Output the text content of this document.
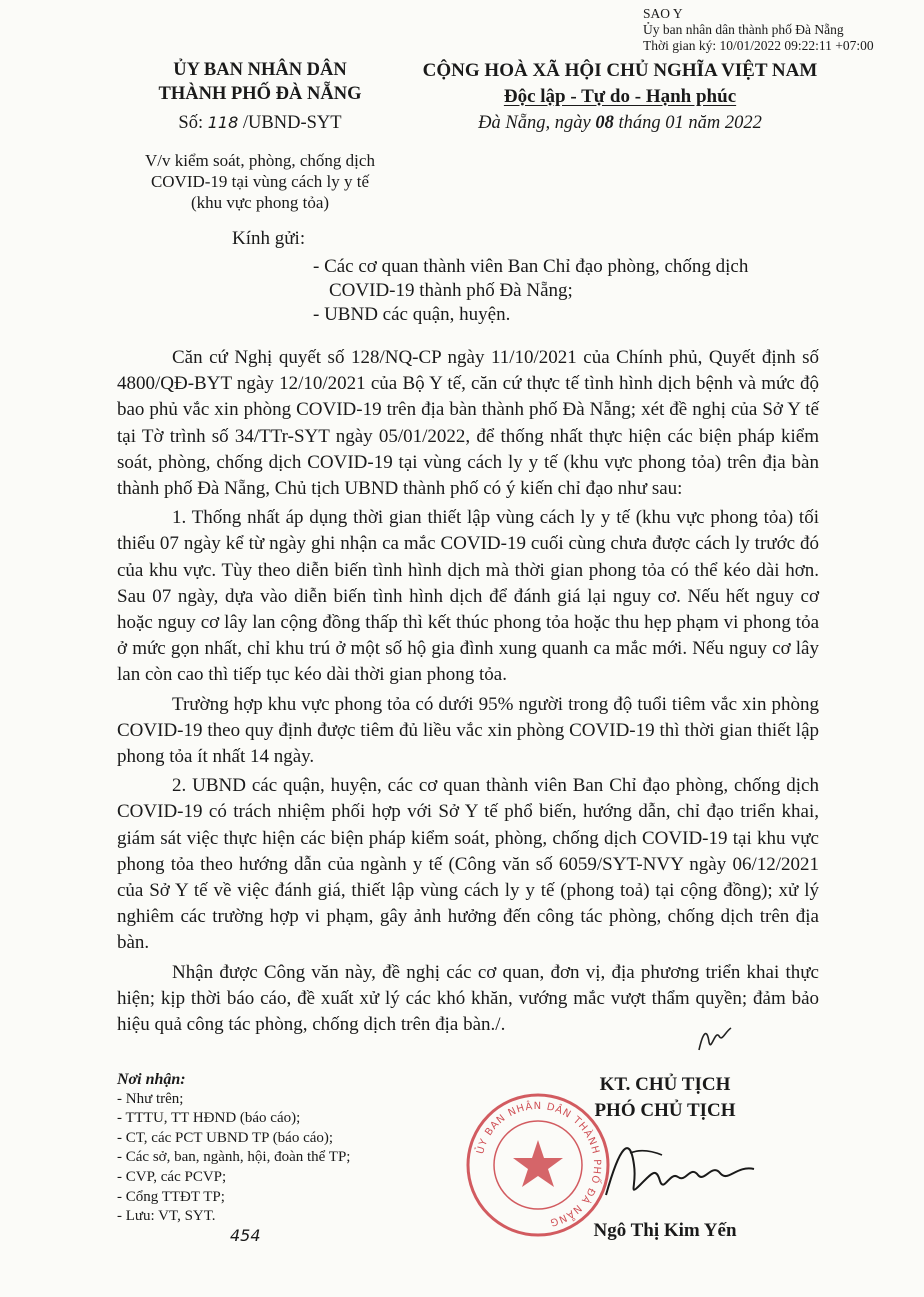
SAO Y
Ủy ban nhân dân thành phố Đà Nẵng
Thời gian ký: 10/01/2022 09:22:11 +07:00
ỦY BAN NHÂN DÂN
THÀNH PHỐ ĐÀ NẴNG
CỘNG HOÀ XÃ HỘI CHỦ NGHĨA VIỆT NAM
Độc lập - Tự do - Hạnh phúc
Số: 118 /UBND-SYT	Đà Nẵng, ngày 08 tháng 01 năm 2022
V/v kiểm soát, phòng, chống dịch
COVID-19 tại vùng cách ly y tế
(khu vực phong tỏa)
Kính gửi:
- Các cơ quan thành viên Ban Chỉ đạo phòng, chống dịch
COVID-19 thành phố Đà Nẵng;
- UBND các quận, huyện.

Căn cứ Nghị quyết số 128/NQ-CP ngày 11/10/2021 của Chính phủ, Quyết định số 4800/QĐ-BYT ngày 12/10/2021 của Bộ Y tế, căn cứ thực tế tình hình dịch bệnh và mức độ bao phủ vắc xin phòng COVID-19 trên địa bàn thành phố Đà Nẵng; xét đề nghị của Sở Y tế tại Tờ trình số 34/TTr-SYT ngày 05/01/2022, để thống nhất thực hiện các biện pháp kiểm soát, phòng, chống dịch COVID-19 tại vùng cách ly y tế (khu vực phong tỏa) trên địa bàn thành phố Đà Nẵng, Chủ tịch UBND thành phố có ý kiến chỉ đạo như sau:

1. Thống nhất áp dụng thời gian thiết lập vùng cách ly y tế (khu vực phong tỏa) tối thiểu 07 ngày kể từ ngày ghi nhận ca mắc COVID-19 cuối cùng chưa được cách ly trước đó của khu vực. Tùy theo diễn biến tình hình dịch mà thời gian phong tỏa có thể kéo dài hơn. Sau 07 ngày, dựa vào diễn biến tình hình dịch để đánh giá lại nguy cơ. Nếu hết nguy cơ hoặc nguy cơ lây lan cộng đồng thấp thì kết thúc phong tỏa hoặc thu hẹp phạm vi phong tỏa ở mức gọn nhất, chỉ khu trú ở một số hộ gia đình xung quanh ca mắc mới. Nếu nguy cơ lây lan còn cao thì tiếp tục kéo dài thời gian phong tỏa.

Trường hợp khu vực phong tỏa có dưới 95% người trong độ tuổi tiêm vắc xin phòng COVID-19 theo quy định được tiêm đủ liều vắc xin phòng COVID-19 thì thời gian thiết lập phong tỏa ít nhất 14 ngày.

2. UBND các quận, huyện, các cơ quan thành viên Ban Chỉ đạo phòng, chống dịch COVID-19 có trách nhiệm phối hợp với Sở Y tế phổ biến, hướng dẫn, chỉ đạo triển khai, giám sát việc thực hiện các biện pháp kiểm soát, phòng, chống dịch COVID-19 tại khu vực phong tỏa theo hướng dẫn của ngành y tế (Công văn số 6059/SYT-NVY ngày 06/12/2021 của Sở Y tế về việc đánh giá, thiết lập vùng cách ly y tế (phong toả) tại cộng đồng); xử lý nghiêm các trường hợp vi phạm, gây ảnh hưởng đến công tác phòng, chống dịch trên địa bàn.

Nhận được Công văn này, đề nghị các cơ quan, đơn vị, địa phương triển khai thực hiện; kịp thời báo cáo, đề xuất xử lý các khó khăn, vướng mắc vượt thẩm quyền; đảm bảo hiệu quả công tác phòng, chống dịch trên địa bàn./.

Nơi nhận:
- Như trên;
- TTTU, TT HĐND (báo cáo);
- CT, các PCT UBND TP (báo cáo);
- Các sở, ban, ngành, hội, đoàn thể TP;
- CVP, các PCVP;
- Cổng TTĐT TP;
- Lưu: VT, SYT.
454
ỦY BAN NHÂN DÂN THÀNH PHỐ ĐÀ NẴNG
KT. CHỦ TỊCH
PHÓ CHỦ TỊCH
Ngô Thị Kim Yến
